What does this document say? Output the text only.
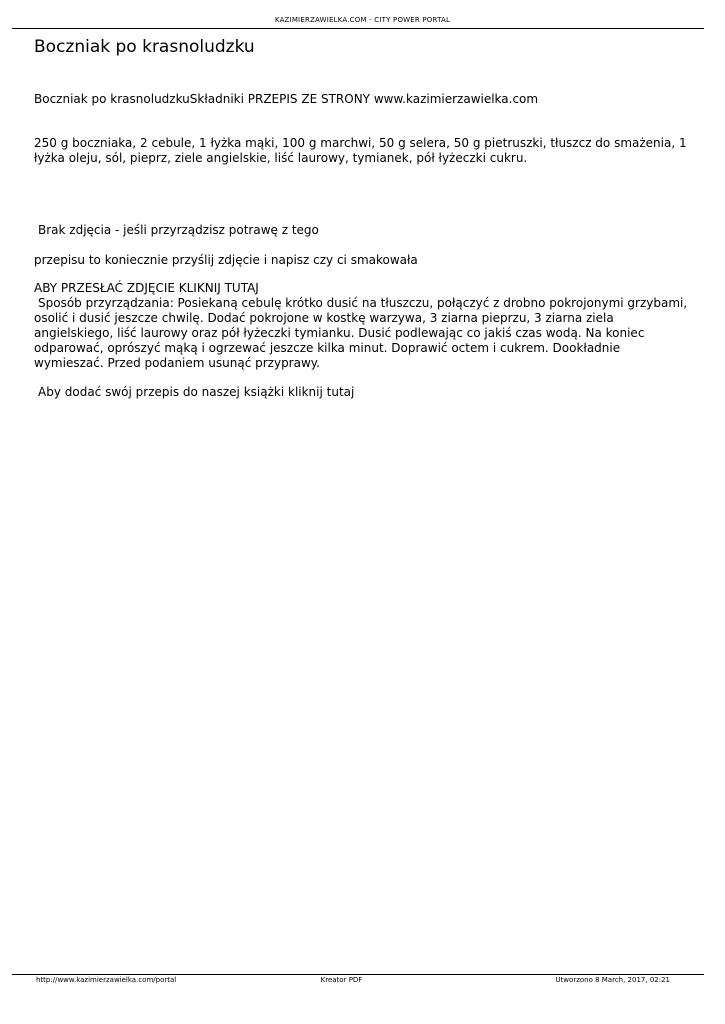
KAZIMIERZAWIELKA.COM - CITY POWER PORTAL
Boczniak po krasnoludzku

Boczniak po krasnoludzkuSkładniki PRZEPIS ZE STRONY www.kazimierzawielka.com

250 g boczniaka, 2 cebule, 1 łyżka mąki, 100 g marchwi, 50 g selera, 50 g pietruszki, tłuszcz do smażenia, 1 łyżka oleju, sól, pieprz, ziele angielskie, liść laurowy, tymianek, pół łyżeczki cukru.

Brak zdjęcia - jeśli przyrządzisz potrawę z tego

przepisu to koniecznie przyślij zdjęcie i napisz czy ci smakowała

ABY PRZESŁAĆ ZDJĘCIE KLIKNIJ TUTAJ

Sposób przyrządzania: Posiekaną cebulę krótko dusić na tłuszczu, połączyć z drobno pokrojonymi grzybami, osolić i dusić jeszcze chwilę. Dodać pokrojone w kostkę warzywa, 3 ziarna pieprzu, 3 ziarna ziela angielskiego, liść laurowy oraz pół łyżeczki tymianku. Dusić podlewając co jakiś czas wodą. Na koniec odparować, oprószyć mąką i ogrzewać jeszcze kilka minut. Doprawić octem i cukrem. Dookładnie wymieszać. Przed podaniem usunąć przyprawy.

Aby dodać swój przepis do naszej książki kliknij tutaj

http://www.kazimierzawielka.com/portal	Kreator PDF	Utworzono 8 March, 2017, 02:21
